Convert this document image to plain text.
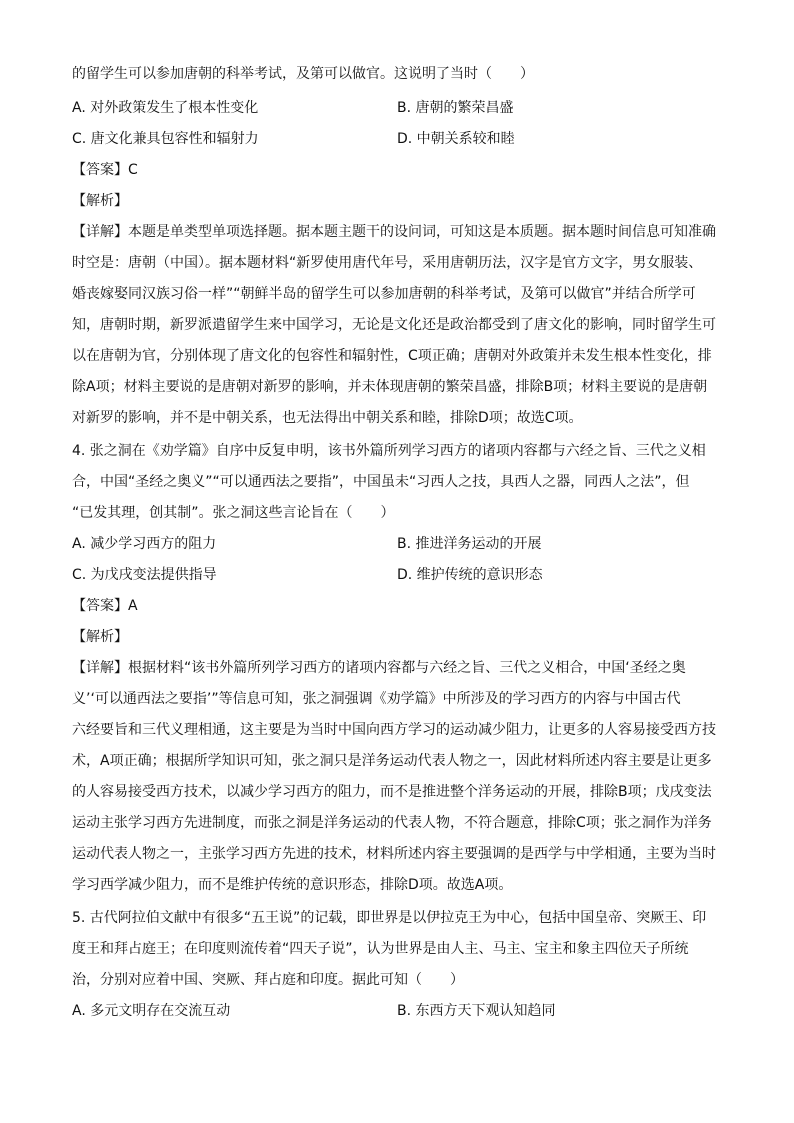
的留学生可以参加唐朝的科举考试，及第可以做官。这说明了当时（　　）
A. 对外政策发生了根本性变化	B. 唐朝的繁荣昌盛
C. 唐文化兼具包容性和辐射力	D. 中朝关系较和睦
【答案】C
【解析】
【详解】本题是单类型单项选择题。据本题主题干的设问词，可知这是本质题。据本题时间信息可知准确
时空是：唐朝（中国）。据本题材料“新罗使用唐代年号，采用唐朝历法，汉字是官方文字，男女服装、
婚丧嫁娶同汉族习俗一样”“朝鲜半岛的留学生可以参加唐朝的科举考试，及第可以做官”并结合所学可
知，唐朝时期，新罗派遣留学生来中国学习，无论是文化还是政治都受到了唐文化的影响，同时留学生可
以在唐朝为官，分别体现了唐文化的包容性和辐射性，C项正确；唐朝对外政策并未发生根本性变化，排
除A项；材料主要说的是唐朝对新罗的影响，并未体现唐朝的繁荣昌盛，排除B项；材料主要说的是唐朝
对新罗的影响，并不是中朝关系，也无法得出中朝关系和睦，排除D项；故选C项。
4. 张之洞在《劝学篇》自序中反复申明，该书外篇所列学习西方的诸项内容都与六经之旨、三代之义相
合，中国“圣经之奥义”“可以通西法之要指”，中国虽未“习西人之技，具西人之器，同西人之法”，但
“已发其理，创其制”。张之洞这些言论旨在（　　）
A. 减少学习西方的阻力	B. 推进洋务运动的开展
C. 为戊戌变法提供指导	D. 维护传统的意识形态
【答案】A
【解析】
【详解】根据材料“该书外篇所列学习西方的诸项内容都与六经之旨、三代之义相合，中国‘圣经之奥
义’‘可以通西法之要指’”等信息可知，张之洞强调《劝学篇》中所涉及的学习西方的内容与中国古代
六经要旨和三代义理相通，这主要是为当时中国向西方学习的运动减少阻力，让更多的人容易接受西方技
术，A项正确；根据所学知识可知，张之洞只是洋务运动代表人物之一，因此材料所述内容主要是让更多
的人容易接受西方技术，以减少学习西方的阻力，而不是推进整个洋务运动的开展，排除B项；戊戌变法
运动主张学习西方先进制度，而张之洞是洋务运动的代表人物，不符合题意，排除C项；张之洞作为洋务
运动代表人物之一，主张学习西方先进的技术，材料所述内容主要强调的是西学与中学相通，主要为当时
学习西学减少阻力，而不是维护传统的意识形态，排除D项。故选A项。
5. 古代阿拉伯文献中有很多“五王说”的记载，即世界是以伊拉克王为中心，包括中国皇帝、突厥王、印
度王和拜占庭王；在印度则流传着“四天子说”，认为世界是由人主、马主、宝主和象主四位天子所统
治，分别对应着中国、突厥、拜占庭和印度。据此可知（　　）
A. 多元文明存在交流互动	B. 东西方天下观认知趋同
